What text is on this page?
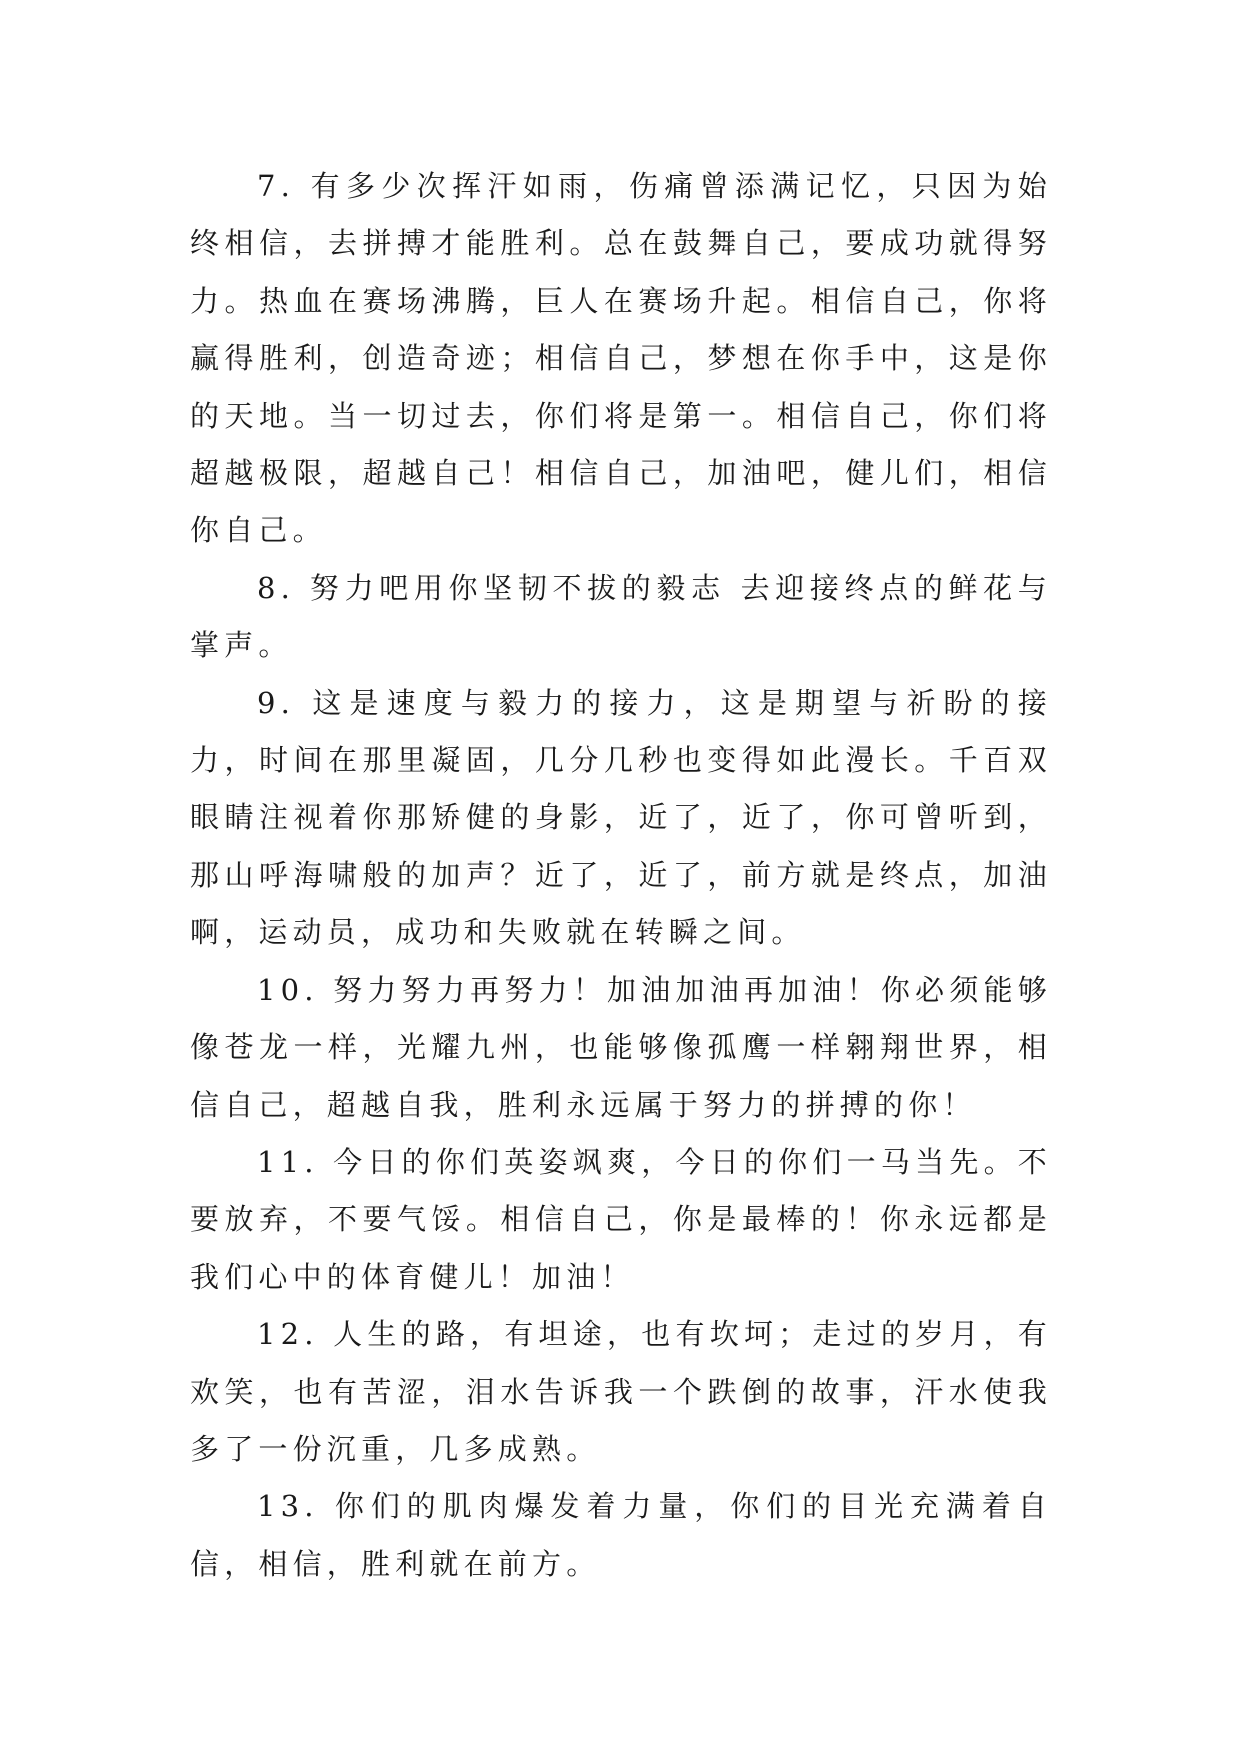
7. 有多少次挥汗如雨，伤痛曾添满记忆，只因为始终相信，去拼搏才能胜利。总在鼓舞自己，要成功就得努力。热血在赛场沸腾，巨人在赛场升起。相信自己，你将赢得胜利，创造奇迹；相信自己，梦想在你手中，这是你的天地。当一切过去，你们将是第一。相信自己，你们将超越极限，超越自己！相信自己，加油吧，健儿们，相信你自己。

8. 努力吧用你坚韧不拔的毅志 去迎接终点的鲜花与掌声。

9. 这是速度与毅力的接力，这是期望与祈盼的接力，时间在那里凝固，几分几秒也变得如此漫长。千百双眼睛注视着你那矫健的身影，近了，近了，你可曾听到，那山呼海啸般的加声？近了，近了，前方就是终点，加油啊，运动员，成功和失败就在转瞬之间。

10. 努力努力再努力！加油加油再加油！你必须能够像苍龙一样，光耀九州，也能够像孤鹰一样翱翔世界，相信自己，超越自我，胜利永远属于努力的拼搏的你！

11. 今日的你们英姿飒爽，今日的你们一马当先。不要放弃，不要气馁。相信自己，你是最棒的！你永远都是我们心中的体育健儿！加油！

12. 人生的路，有坦途，也有坎坷；走过的岁月，有欢笑，也有苦涩，泪水告诉我一个跌倒的故事，汗水使我多了一份沉重，几多成熟。

13. 你们的肌肉爆发着力量，你们的目光充满着自信，相信，胜利就在前方。
